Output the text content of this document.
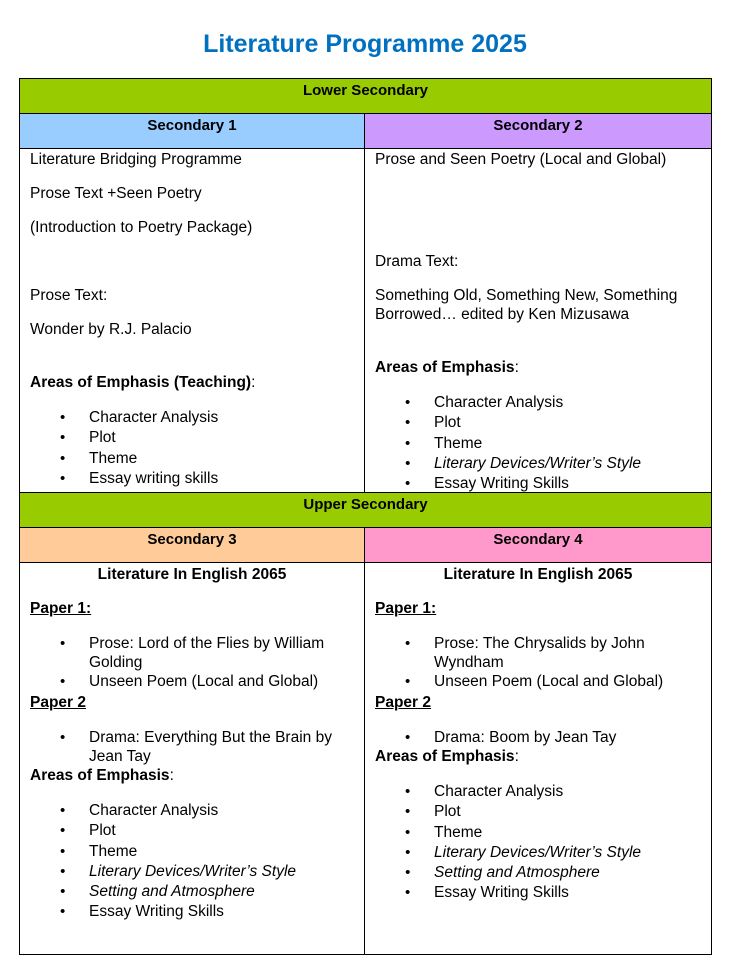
Literature Programme 2025
Lower Secondary
Secondary 1	Secondary 2
Literature Bridging Programme
Prose Text +Seen Poetry
(Introduction to Poetry Package)
Prose Text:
Wonder by R.J. Palacio
Areas of Emphasis (Teaching):
• Character Analysis
• Plot
• Theme
• Essay writing skills
Prose and Seen Poetry (Local and Global)
Drama Text:
Something Old, Something New, Something Borrowed… edited by Ken Mizusawa
Areas of Emphasis:
• Character Analysis
• Plot
• Theme
• Literary Devices/Writer’s Style
• Essay Writing Skills
Upper Secondary
Secondary 3	Secondary 4
Literature In English 2065
Paper 1:
• Prose: Lord of the Flies by William Golding
• Unseen Poem (Local and Global)
Paper 2
• Drama: Everything But the Brain by Jean Tay
Areas of Emphasis:
• Character Analysis
• Plot
• Theme
• Literary Devices/Writer’s Style
• Setting and Atmosphere
• Essay Writing Skills
Literature In English 2065
Paper 1:
• Prose: The Chrysalids by John Wyndham
• Unseen Poem (Local and Global)
Paper 2
• Drama: Boom by Jean Tay
Areas of Emphasis:
• Character Analysis
• Plot
• Theme
• Literary Devices/Writer’s Style
• Setting and Atmosphere
• Essay Writing Skills
